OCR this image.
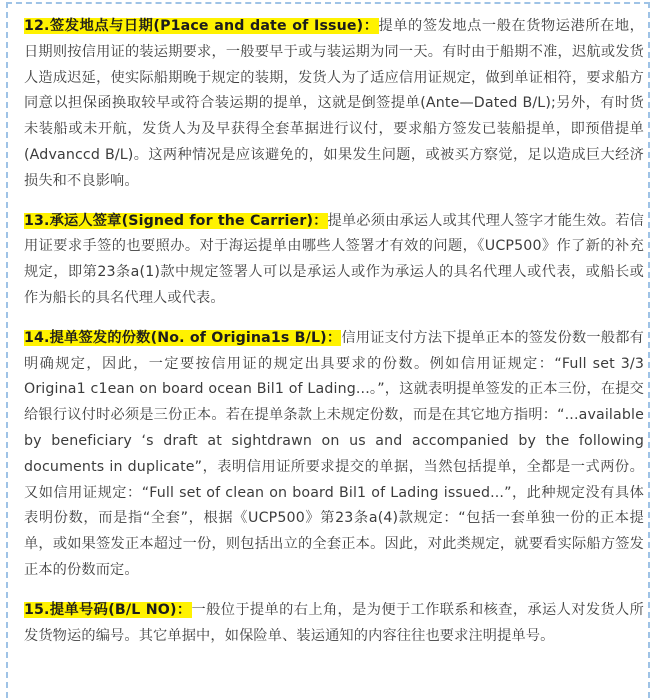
12.签发地点与日期(P1ace and date of Issue)：提单的签发地点一般在货物运港所在地，日期则按信用证的装运期要求，一般要早于或与装运期为同一天。有时由于船期不准，迟航或发货人造成迟延，使实际船期晚于规定的装期，发货人为了适应信用证规定，做到单证相符，要求船方同意以担保函换取较早或符合装运期的提单，这就是倒签提单(Ante—Dated B/L);另外，有时货未装船或未开航，发货人为及早获得全套革据进行议付，要求船方签发已装船提单，即预借提单(Advanccd B/L)。这两种情况是应该避免的，如果发生问题，或被买方察觉，足以造成巨大经济损失和不良影响。

13.承运人签章(Signed for the Carrier)：提单必须由承运人或其代理人签字才能生效。若信用证要求手签的也要照办。对于海运提单由哪些人签署才有效的问题，《UCP500》作了新的补充规定，即第23条a(1)款中规定签署人可以是承运人或作为承运人的具名代理人或代表，或船长或作为船长的具名代理人或代表。

14.提单签发的份数(No. of Origina1s B/L)：信用证支付方法下提单正本的签发份数一般都有明确规定，因此，一定要按信用证的规定出具要求的份数。例如信用证规定：“Full set 3/3 Origina1 c1ean on board ocean Bil1 of Lading...。”，这就表明提单签发的正本三份，在提交给银行议付时必须是三份正本。若在提单条款上未规定份数，而是在其它地方指明：“...available by beneficiary ‘s draft at sightdrawn on us and accompanied by the following documents in duplicate”，表明信用证所要求提交的单据，当然包括提单，全都是一式两份。又如信用证规定：“Full set of clean on board Bil1 of Lading issued...”，此种规定没有具体表明份数，而是指“全套”，根据《UCP500》第23条a(4)款规定：“包括一套单独一份的正本提单，或如果签发正本超过一份，则包括出立的全套正本。因此，对此类规定，就要看实际船方签发正本的份数而定。

15.提单号码(B/L NO)：一般位于提单的右上角，是为便于工作联系和核查，承运人对发货人所发货物运的编号。其它单据中，如保险单、装运通知的内容往往也要求注明提单号。
